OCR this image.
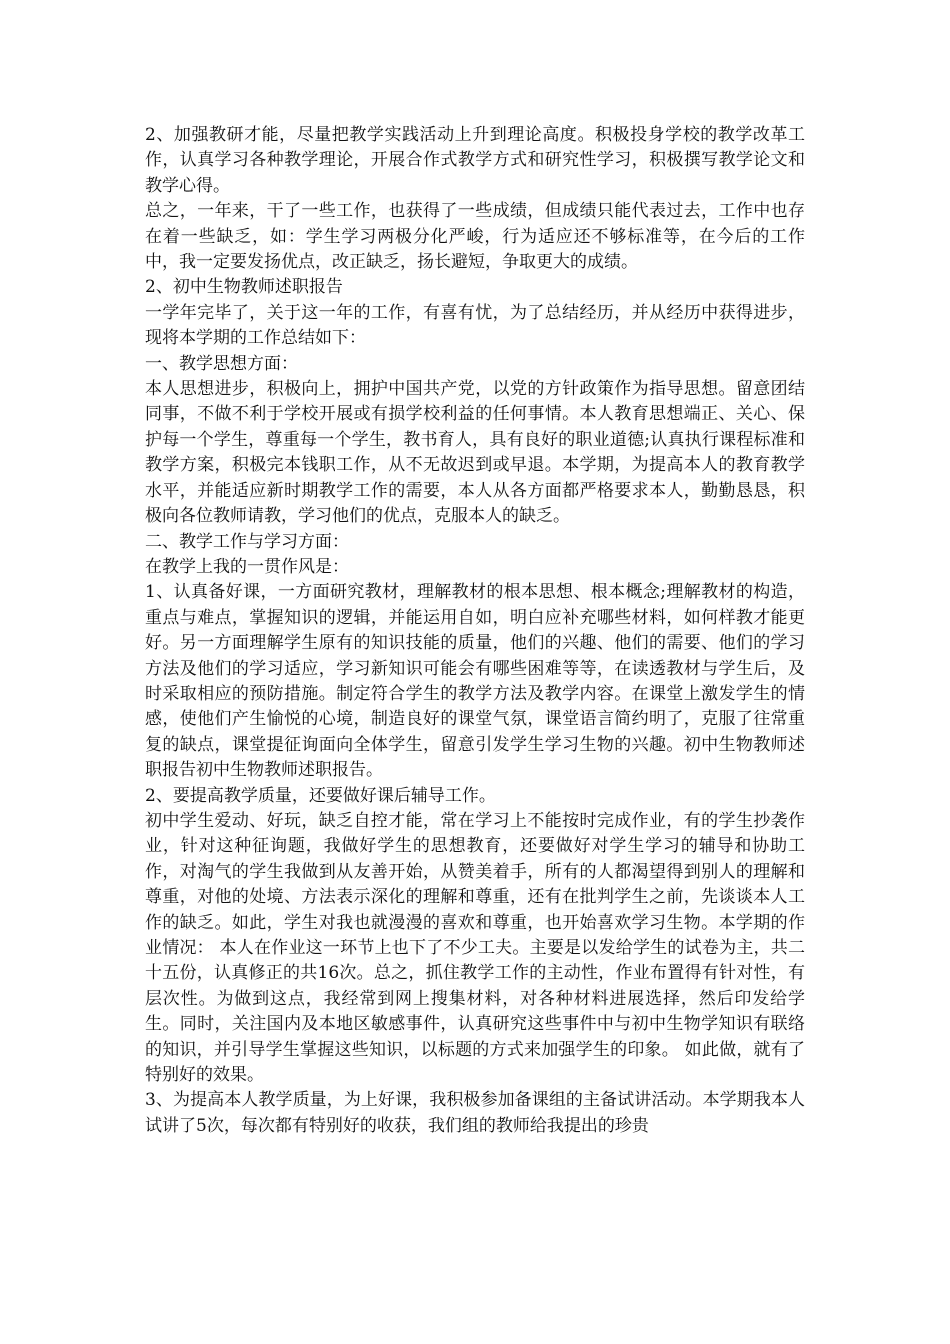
2、加强教研才能，尽量把教学实践活动上升到理论高度。积极投身学校的教学改革工作，认真学习各种教学理论，开展合作式教学方式和研究性学习，积极撰写教学论文和教学心得。

总之，一年来，干了一些工作，也获得了一些成绩，但成绩只能代表过去，工作中也存在着一些缺乏，如：学生学习两极分化严峻，行为适应还不够标准等，在今后的工作中，我一定要发扬优点，改正缺乏，扬长避短，争取更大的成绩。

2、初中生物教师述职报告

一学年完毕了，关于这一年的工作，有喜有忧，为了总结经历，并从经历中获得进步，现将本学期的工作总结如下：

一、教学思想方面：

本人思想进步，积极向上，拥护中国共产党，以党的方针政策作为指导思想。留意团结同事，不做不利于学校开展或有损学校利益的任何事情。本人教育思想端正、关心、保护每一个学生，尊重每一个学生，教书育人，具有良好的职业道德;认真执行课程标准和教学方案，积极完本钱职工作，从不无故迟到或早退。本学期，为提高本人的教育教学水平，并能适应新时期教学工作的需要，本人从各方面都严格要求本人，勤勤恳恳，积极向各位教师请教，学习他们的优点，克服本人的缺乏。

二、教学工作与学习方面：

在教学上我的一贯作风是：

1、认真备好课，一方面研究教材，理解教材的根本思想、根本概念;理解教材的构造，重点与难点，掌握知识的逻辑，并能运用自如，明白应补充哪些材料，如何样教才能更好。另一方面理解学生原有的知识技能的质量，他们的兴趣、他们的需要、他们的学习方法及他们的学习适应，学习新知识可能会有哪些困难等等，在读透教材与学生后，及时采取相应的预防措施。制定符合学生的教学方法及教学内容。在课堂上激发学生的情感，使他们产生愉悦的心境，制造良好的课堂气氛，课堂语言简约明了，克服了往常重复的缺点，课堂提征询面向全体学生，留意引发学生学习生物的兴趣。初中生物教师述职报告初中生物教师述职报告。

2、要提高教学质量，还要做好课后辅导工作。

初中学生爱动、好玩，缺乏自控才能，常在学习上不能按时完成作业，有的学生抄袭作业，针对这种征询题，我做好学生的思想教育，还要做好对学生学习的辅导和协助工作，对淘气的学生我做到从友善开始，从赞美着手，所有的人都渴望得到别人的理解和尊重，对他的处境、方法表示深化的理解和尊重，还有在批判学生之前，先谈谈本人工作的缺乏。如此，学生对我也就漫漫的喜欢和尊重，也开始喜欢学习生物。本学期的作业情况： 本人在作业这一环节上也下了不少工夫。主要是以发给学生的试卷为主，共二十五份，认真修正的共16次。总之，抓住教学工作的主动性，作业布置得有针对性，有层次性。为做到这点，我经常到网上搜集材料，对各种材料进展选择，然后印发给学生。同时，关注国内及本地区敏感事件，认真研究这些事件中与初中生物学知识有联络的知识，并引导学生掌握这些知识，以标题的方式来加强学生的印象。 如此做，就有了特别好的效果。

3、为提高本人教学质量，为上好课，我积极参加备课组的主备试讲活动。本学期我本人试讲了5次，每次都有特别好的收获，我们组的教师给我提出的珍贵
